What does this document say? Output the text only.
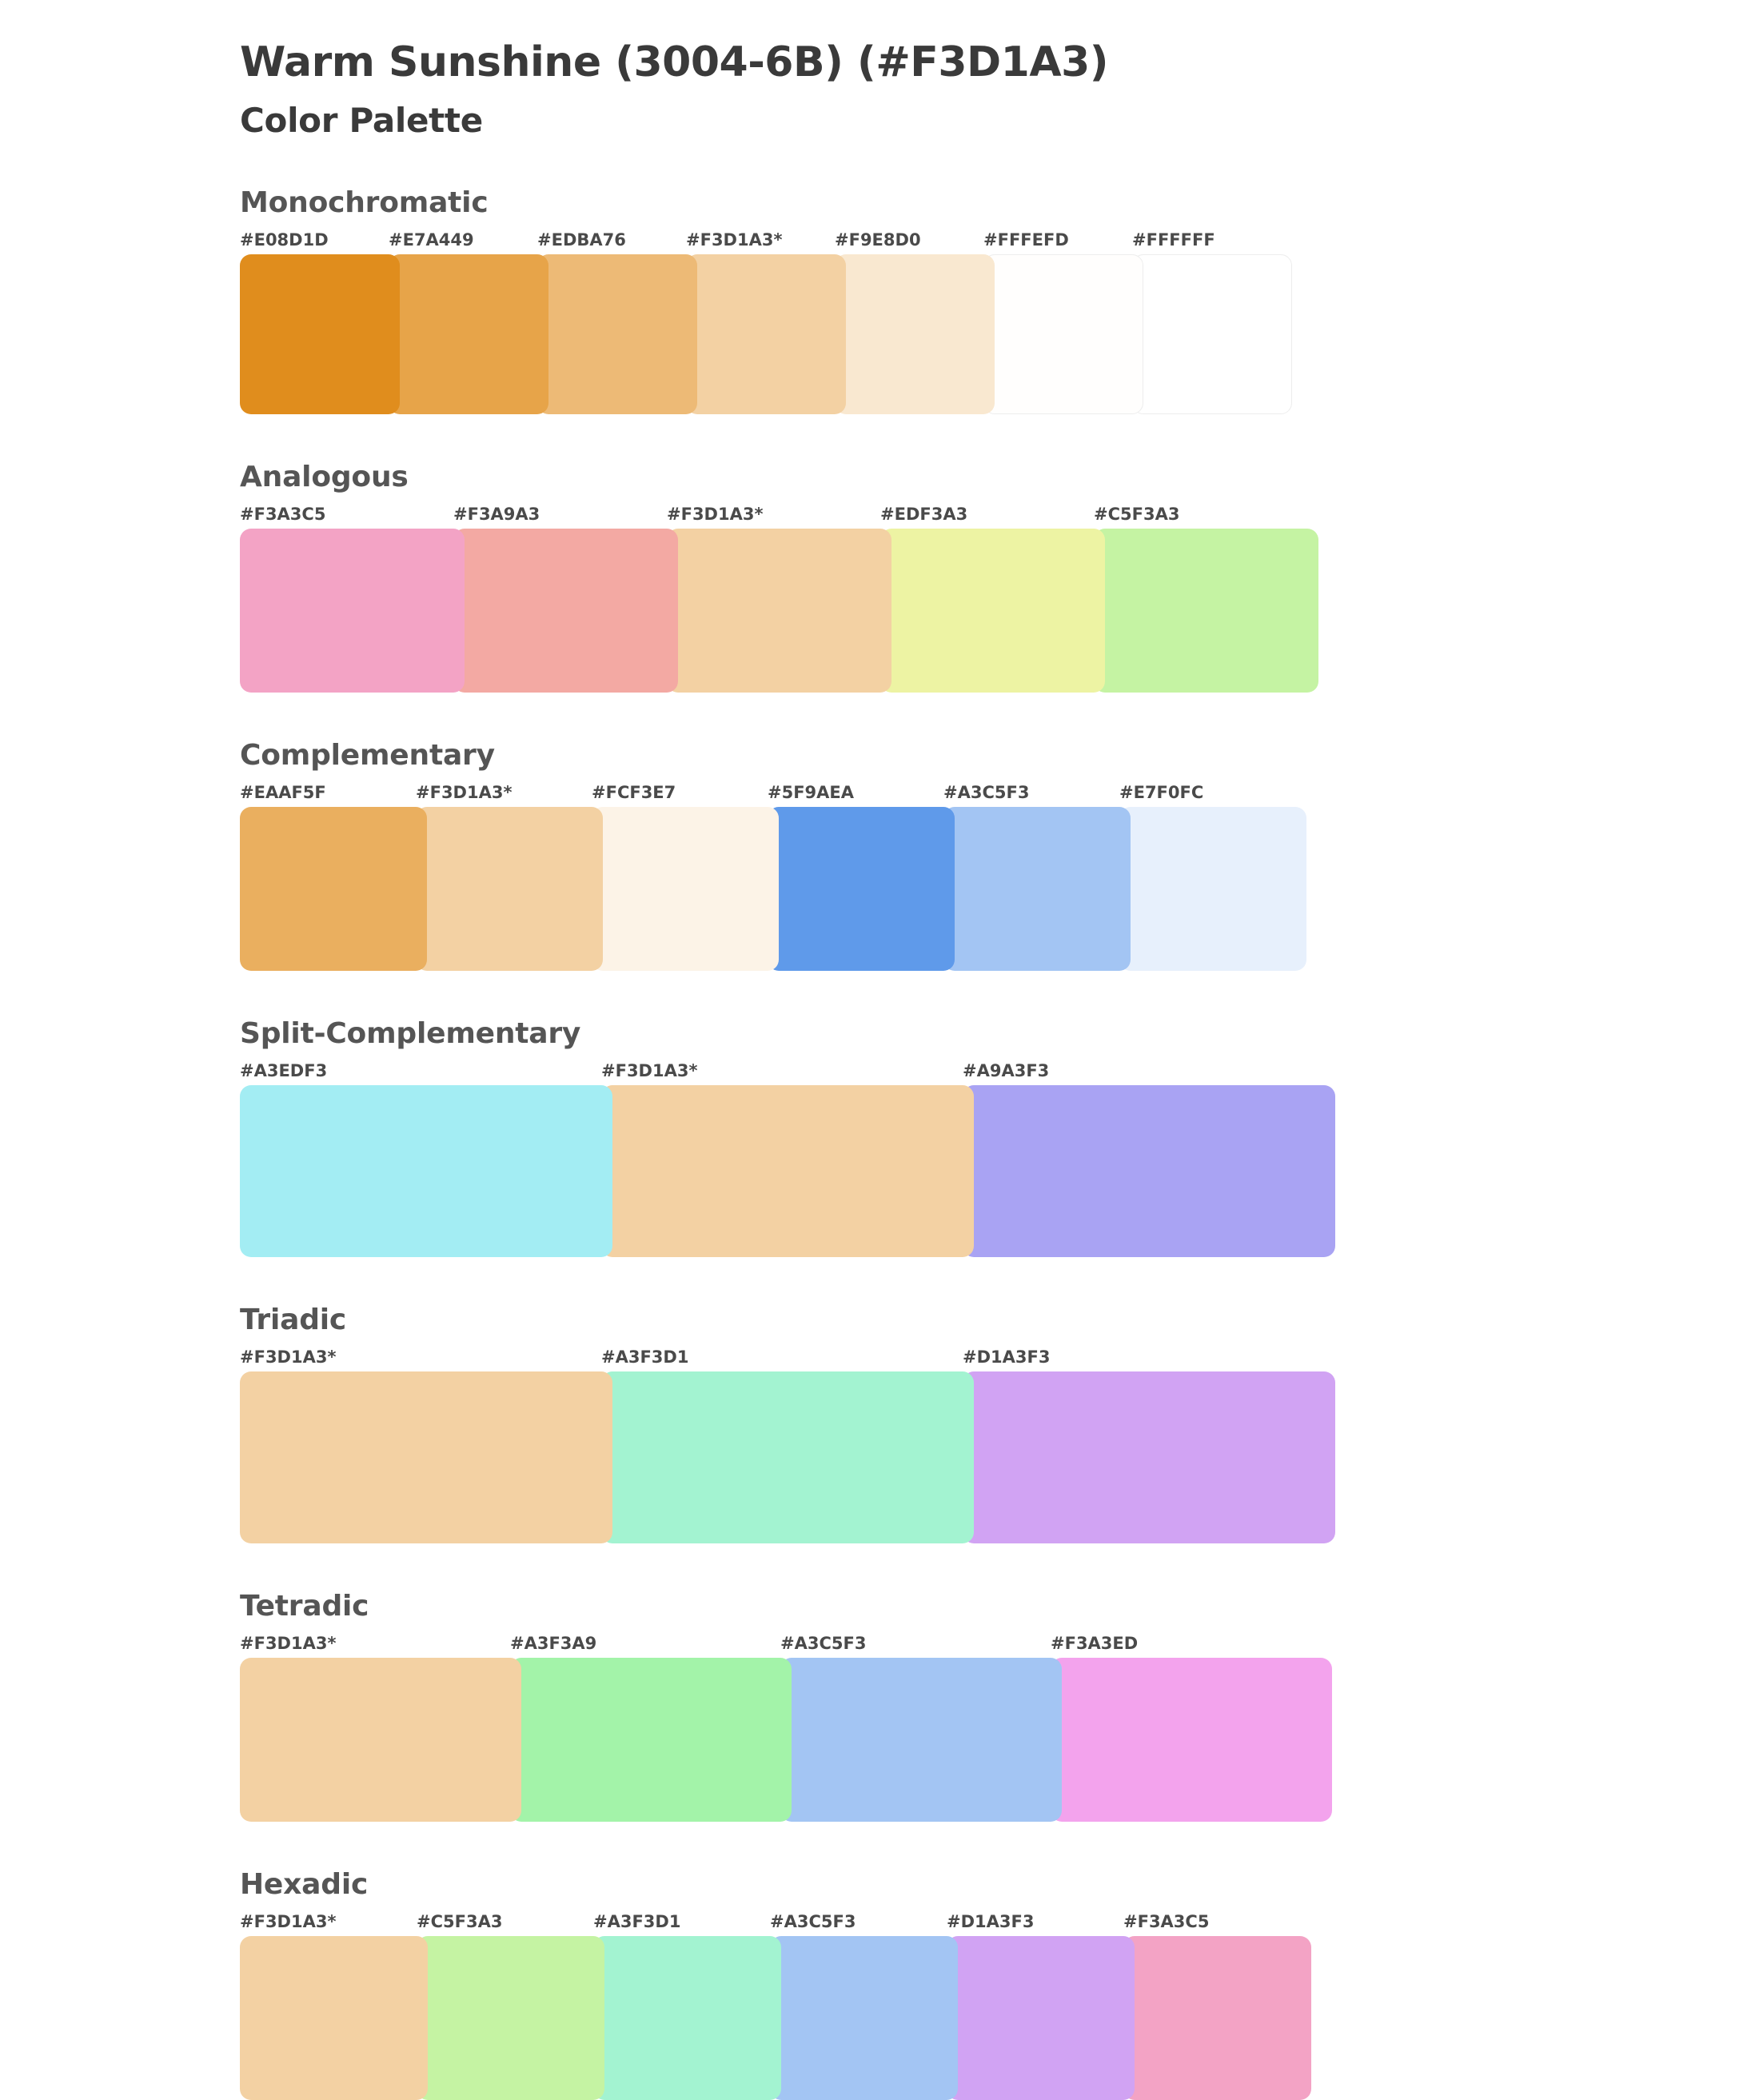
Warm Sunshine (3004-6B) (#F3D1A3)
Color Palette
Monochromatic
#E08D1D	#E7A449	#EDBA76	#F3D1A3*	#F9E8D0	#FFFEFD	#FFFFFF
Analogous
#F3A3C5	#F3A9A3	#F3D1A3*	#EDF3A3	#C5F3A3
Complementary
#EAAF5F	#F3D1A3*	#FCF3E7	#5F9AEA	#A3C5F3	#E7F0FC
Split-Complementary
#A3EDF3	#F3D1A3*	#A9A3F3
Triadic
#F3D1A3*	#A3F3D1	#D1A3F3
Tetradic
#F3D1A3*	#A3F3A9	#A3C5F3	#F3A3ED
Hexadic
#F3D1A3*	#C5F3A3	#A3F3D1	#A3C5F3	#D1A3F3	#F3A3C5
